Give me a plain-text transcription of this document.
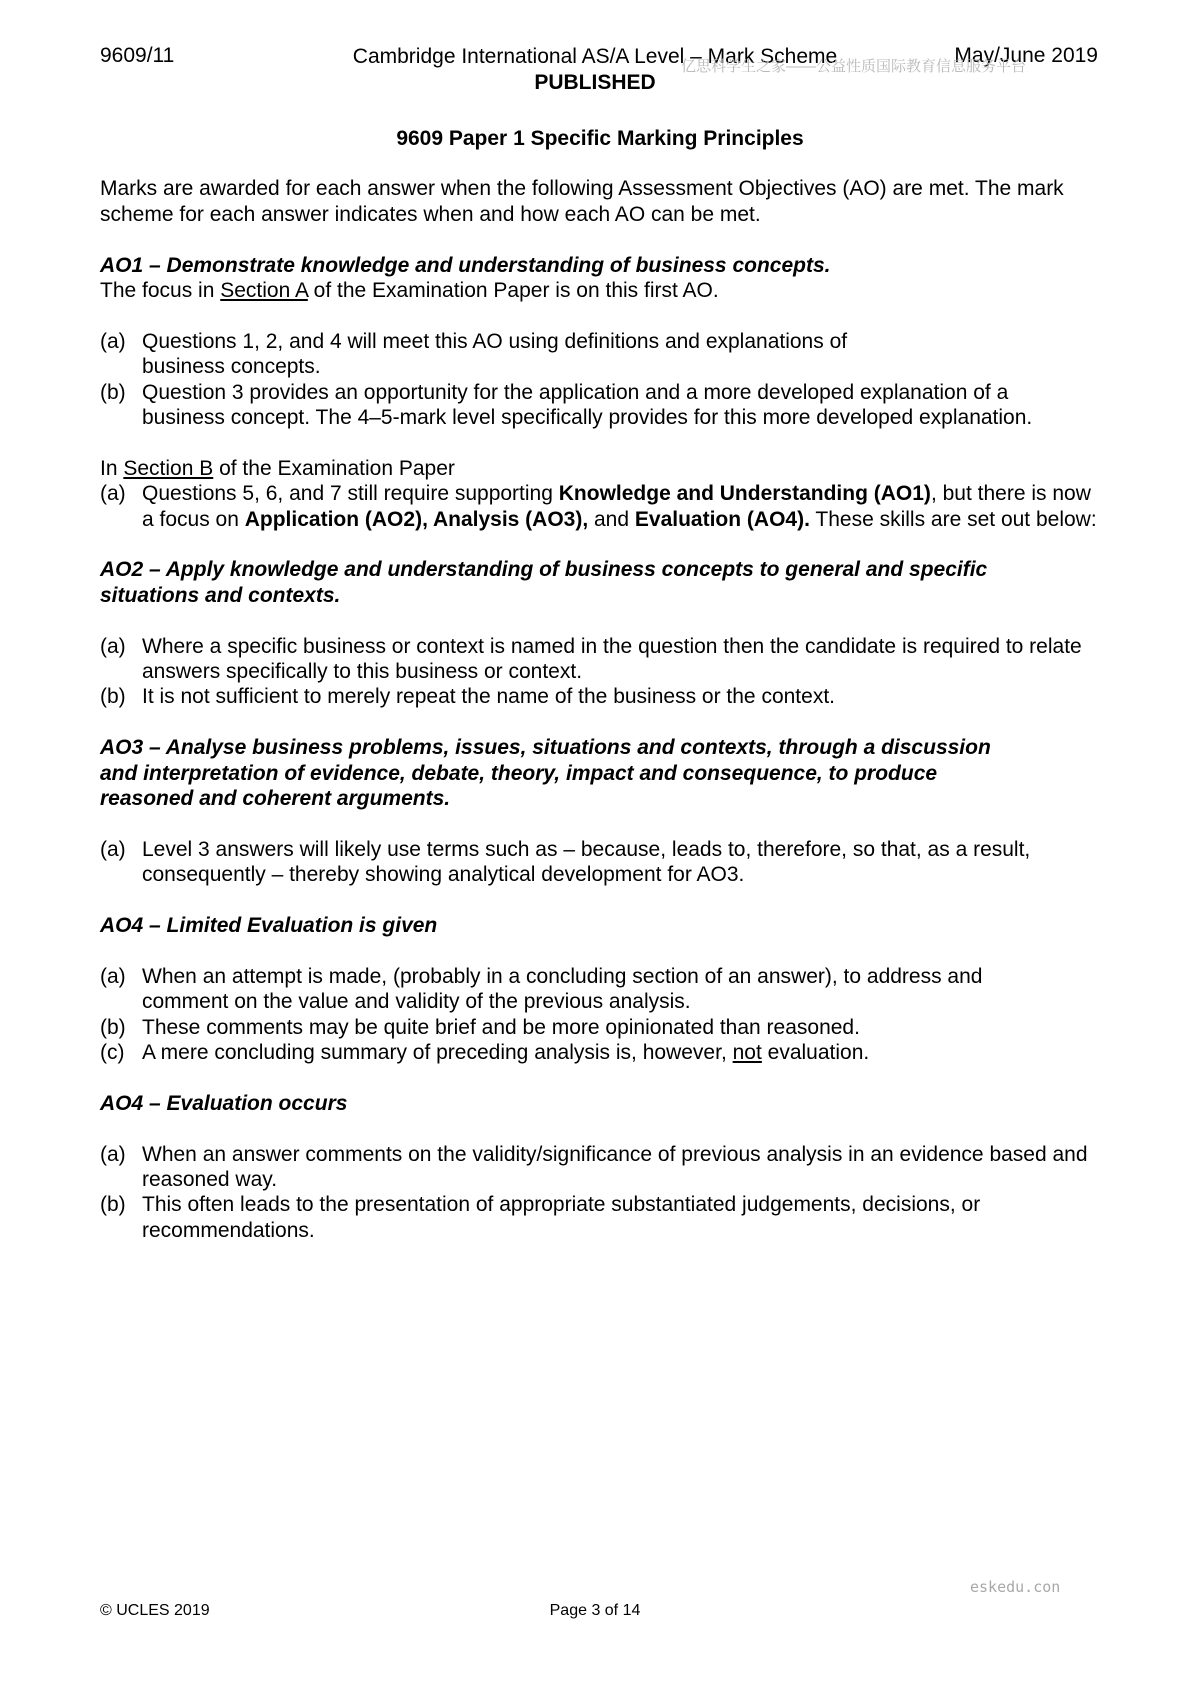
9609/11	Cambridge International AS/A Level – Mark Scheme
PUBLISHED
May/June 2019
亿思科学生之家——公益性质国际教育信息服务平台
9609 Paper 1 Specific Marking Principles

Marks are awarded for each answer when the following Assessment Objectives (AO) are met. The mark scheme for each answer indicates when and how each AO can be met.

AO1 – Demonstrate knowledge and understanding of business concepts.

The focus in Section A of the Examination Paper is on this first AO.

(a) Questions 1, 2, and 4 will meet this AO using definitions and explanations of business concepts.
(b) Question 3 provides an opportunity for the application and a more developed explanation of a business concept. The 4–5-mark level specifically provides for this more developed explanation.

In Section B of the Examination Paper

(a) Questions 5, 6, and 7 still require supporting Knowledge and Understanding (AO1), but there is now a focus on Application (AO2), Analysis (AO3), and Evaluation (AO4). These skills are set out below:

AO2 – Apply knowledge and understanding of business concepts to general and specific situations and contexts.

(a) Where a specific business or context is named in the question then the candidate is required to relate answers specifically to this business or context.
(b) It is not sufficient to merely repeat the name of the business or the context.

AO3 – Analyse business problems, issues, situations and contexts, through a discussion and interpretation of evidence, debate, theory, impact and consequence, to produce reasoned and coherent arguments.

(a) Level 3 answers will likely use terms such as – because, leads to, therefore, so that, as a result, consequently – thereby showing analytical development for AO3.

AO4 – Limited Evaluation is given

(a) When an attempt is made, (probably in a concluding section of an answer), to address and comment on the value and validity of the previous analysis.
(b) These comments may be quite brief and be more opinionated than reasoned.
(c) A mere concluding summary of preceding analysis is, however, not evaluation.

AO4 – Evaluation occurs

(a) When an answer comments on the validity/significance of previous analysis in an evidence based and reasoned way.
(b) This often leads to the presentation of appropriate substantiated judgements, decisions, or recommendations.
eskedu.con
© UCLES 2019	Page 3 of 14
